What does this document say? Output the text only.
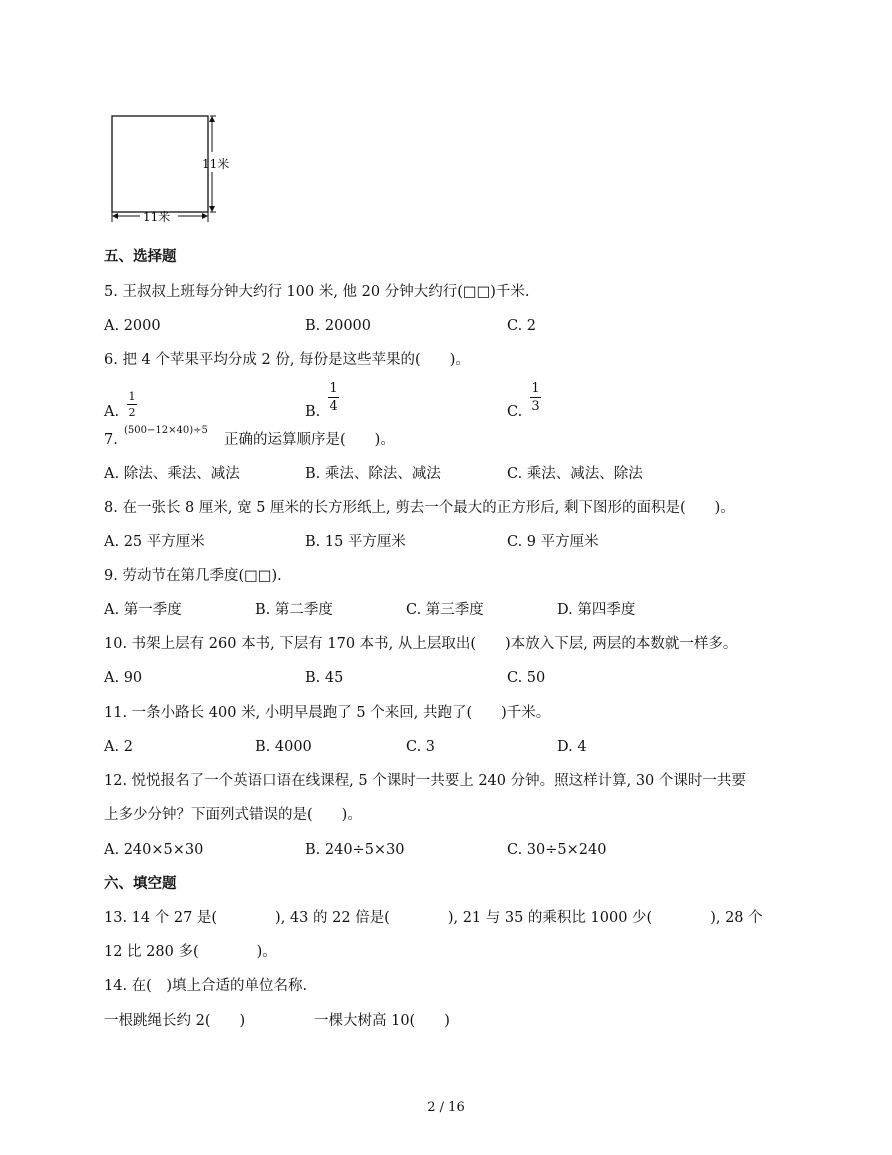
11米
11米
五、选择题
5. 王叔叔上班每分钟大约行 100 米, 他 20 分钟大约行(□□)千米.
A. 2000	B. 20000	C. 2
6. 把 4 个苹果平均分成 2 份, 每份是这些苹果的(　　)。
A.
1
2	B.
1
4	C.
1
3
7.
(500−12×40)÷5
正确的运算顺序是(　　)。
A. 除法、乘法、减法	B. 乘法、除法、减法	C. 乘法、减法、除法
8. 在一张长 8 厘米, 宽 5 厘米的长方形纸上, 剪去一个最大的正方形后, 剩下图形的面积是(　　)。
A. 25 平方厘米	B. 15 平方厘米	C. 9 平方厘米
9. 劳动节在第几季度(□□).
A. 第一季度	B. 第二季度	C. 第三季度	D. 第四季度
10. 书架上层有 260 本书, 下层有 170 本书, 从上层取出(　　)本放入下层, 两层的本数就一样多。
A. 90	B. 45	C. 50
11. 一条小路长 400 米, 小明早晨跑了 5 个来回, 共跑了(　　)千米。
A. 2	B. 4000	C. 3	D. 4
12. 悦悦报名了一个英语口语在线课程, 5 个课时一共要上 240 分钟。照这样计算, 30 个课时一共要
上多少分钟？下面列式错误的是(　　)。
A. 240×5×30	B. 240÷5×30	C. 30÷5×240
六、填空题
13. 14 个 27 是(　　　　), 43 的 22 倍是(　　　　), 21 与 35 的乘积比 1000 少(　　　　), 28 个
12 比 280 多(　　　　)。
14. 在(　)填上合适的单位名称.
一根跳绳长约 2(　　)	一棵大树高 10(　　)
2 / 16
